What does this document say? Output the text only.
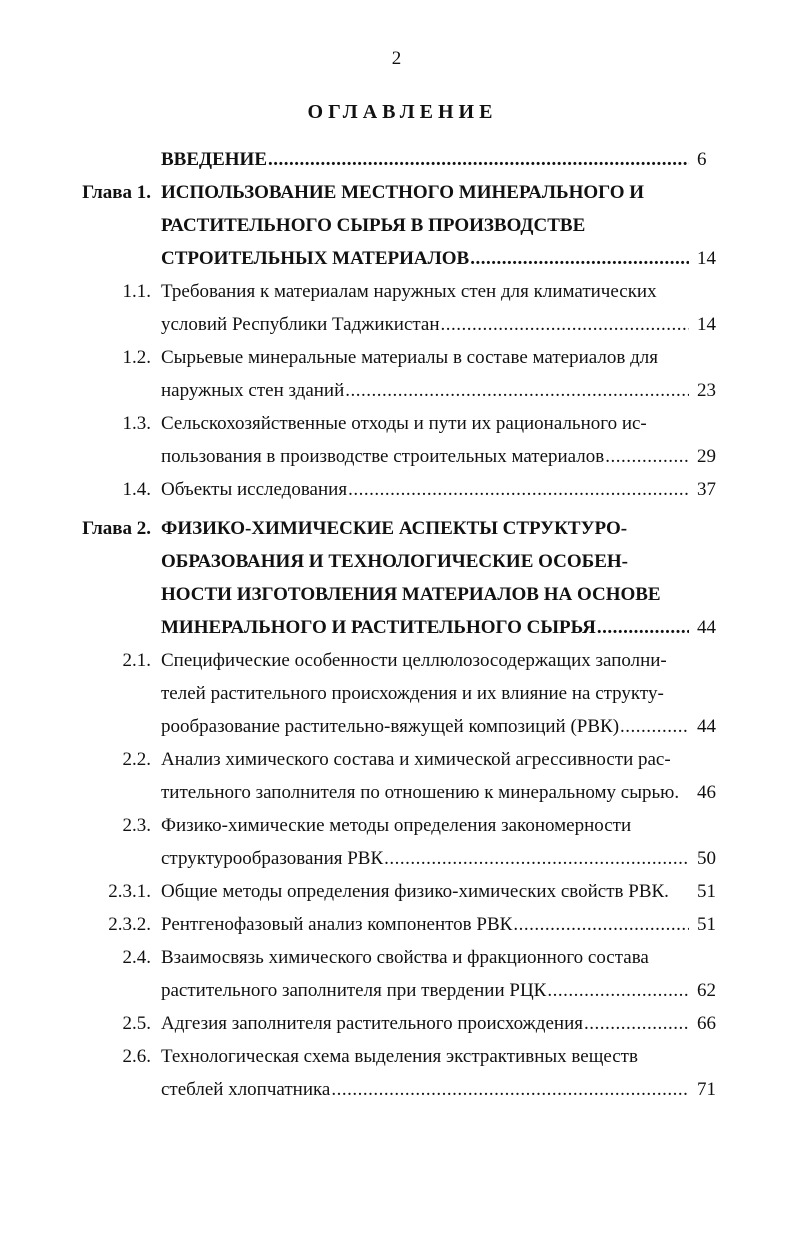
2
ОГЛАВЛЕНИЕ
ВВЕДЕНИЕ .....	6
Глава 1. ИСПОЛЬЗОВАНИЕ МЕСТНОГО МИНЕРАЛЬНОГО И
РАСТИТЕЛЬНОГО СЫРЬЯ В ПРОИЗВОДСТВЕ
СТРОИТЕЛЬНЫХ МАТЕРИАЛОВ .....	14
1.1. Требования к материалам наружных стен для климатических
условий Республики Таджикистан .....	14
1.2. Сырьевые минеральные материалы в составе материалов для
наружных стен зданий .....	23
1.3. Сельскохозяйственные отходы и пути их рационального ис-
пользования в производстве строительных материалов .....	29
1.4. Объекты исследования .....	37
Глава 2. ФИЗИКО-ХИМИЧЕСКИЕ АСПЕКТЫ СТРУКТУРО-
ОБРАЗОВАНИЯ И ТЕХНОЛОГИЧЕСКИЕ ОСОБЕН-
НОСТИ ИЗГОТОВЛЕНИЯ МАТЕРИАЛОВ НА ОСНОВЕ
МИНЕРАЛЬНОГО И РАСТИТЕЛЬНОГО СЫРЬЯ .....	44
2.1. Специфические особенности целлюлозосодержащих заполни-
телей растительного происхождения и их влияние на структу-
рообразование растительно-вяжущей композиций (РВК) .....	44
2.2. Анализ химического состава и химической агрессивности рас-
тительного заполнителя по отношению к минеральному сырью. 46
2.3. Физико-химические методы определения закономерности
структурообразования РВК .....	50
2.3.1. Общие методы определения физико-химических свойств РВК. 51
2.3.2. Рентгенофазовый анализ компонентов РВК .....	51
2.4. Взаимосвязь химического свойства и фракционного состава
растительного заполнителя при твердении РЦК .....	62
2.5. Адгезия заполнителя растительного происхождения .....	66
2.6. Технологическая схема выделения экстрактивных веществ
стеблей хлопчатника .....	71
